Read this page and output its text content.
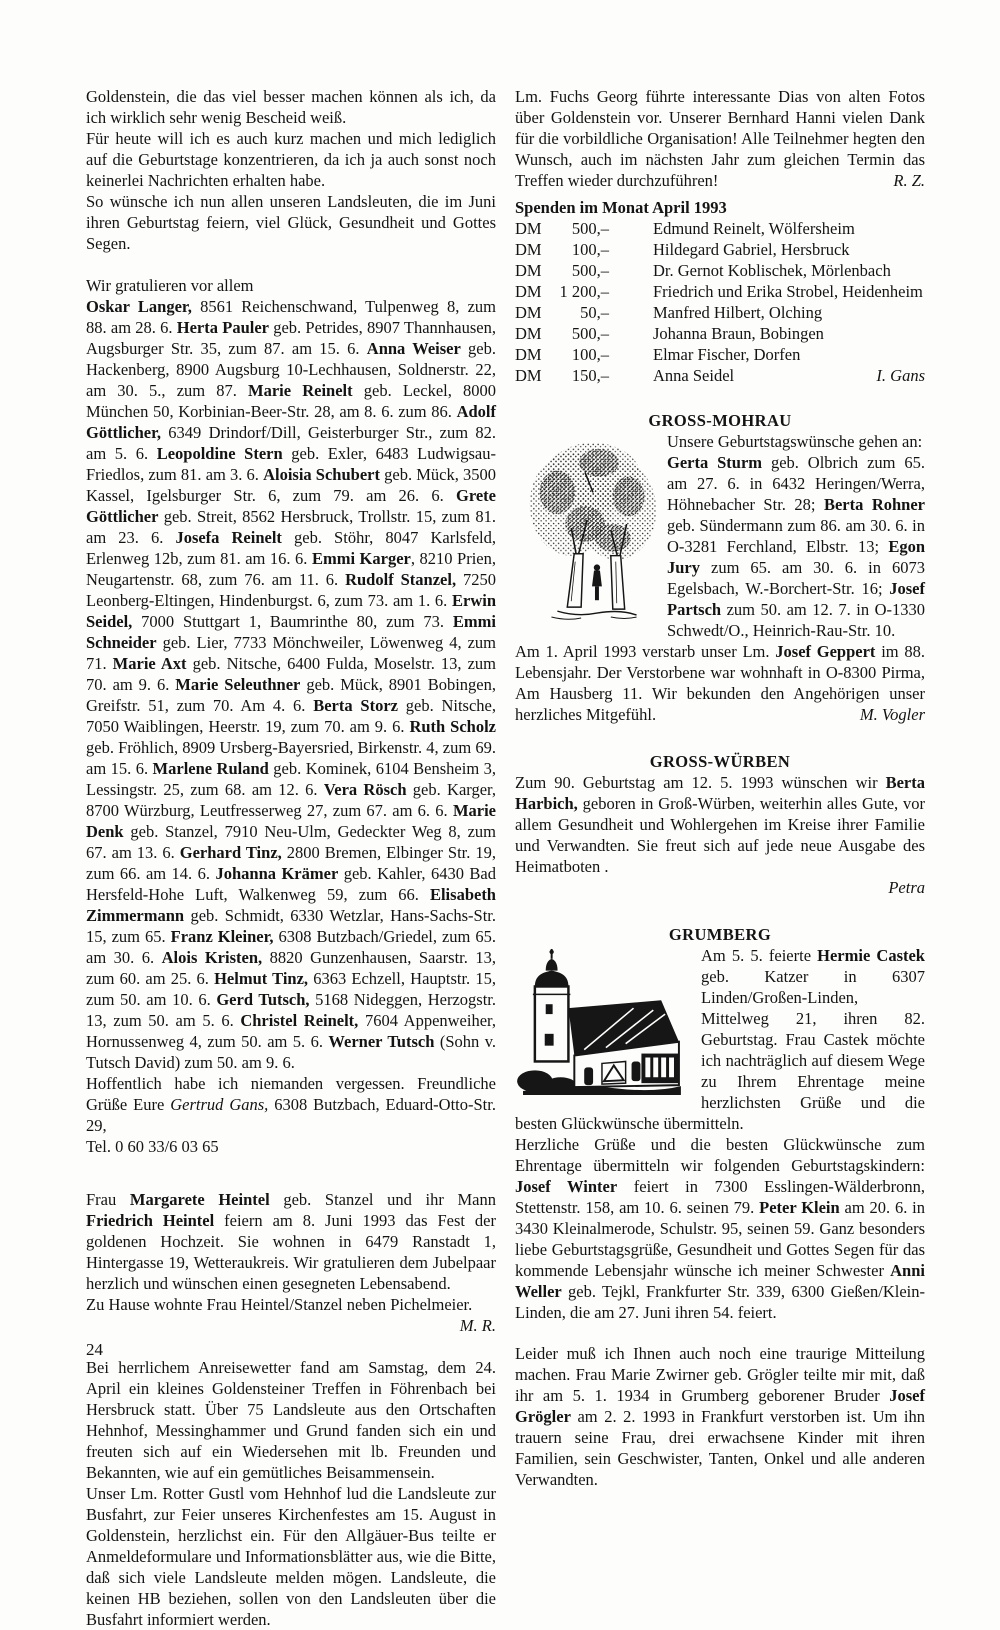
Goldenstein, die das viel besser machen können als ich, da ich wirklich sehr wenig Bescheid weiß.
Für heute will ich es auch kurz machen und mich lediglich auf die Geburtstage konzentrieren, da ich ja auch sonst noch keinerlei Nachrichten erhalten habe.
So wünsche ich nun allen unseren Landsleuten, die im Juni ihren Geburtstag feiern, viel Glück, Gesundheit und Gottes Segen.
Wir gratulieren vor allem
Oskar Langer, 8561 Reichenschwand, Tulpenweg 8, zum 88. am 28. 6. Herta Pauler geb. Petrides, 8907 Thannhausen, Augsburger Str. 35, zum 87. am 15. 6. Anna Weiser geb. Hackenberg, 8900 Augsburg 10-Lechhausen, Soldnerstr. 22, am 30. 5., zum 87. Marie Reinelt geb. Leckel, 8000 München 50, Korbinian-Beer-Str. 28, am 8. 6. zum 86. Adolf Göttlicher, 6349 Drindorf/Dill, Geisterburger Str., zum 82. am 5. 6. Leopoldine Stern geb. Exler, 6483 Ludwigsau-Friedlos, zum 81. am 3. 6. Aloisia Schubert geb. Mück, 3500 Kassel, Igelsburger Str. 6, zum 79. am 26. 6. Grete Göttlicher geb. Streit, 8562 Hersbruck, Trollstr. 15, zum 81. am 23. 6. Josefa Reinelt geb. Stöhr, 8047 Karlsfeld, Erlenweg 12b, zum 81. am 16. 6. Emmi Karger, 8210 Prien, Neugartenstr. 68, zum 76. am 11. 6. Rudolf Stanzel, 7250 Leonberg-Eltingen, Hindenburgst. 6, zum 73. am 1. 6. Erwin Seidel, 7000 Stuttgart 1, Baumrinthe 80, zum 73. Emmi Schneider geb. Lier, 7733 Mönchweiler, Löwenweg 4, zum 71. Marie Axt geb. Nitsche, 6400 Fulda, Moselstr. 13, zum 70. am 9. 6. Marie Seleuthner geb. Mück, 8901 Bobingen, Greifstr. 51, zum 70. Am 4. 6. Berta Storz geb. Nitsche, 7050 Waiblingen, Heerstr. 19, zum 70. am 9. 6. Ruth Scholz geb. Fröhlich, 8909 Ursberg-Bayersried, Birkenstr. 4, zum 69. am 15. 6. Marlene Ruland geb. Kominek, 6104 Bensheim 3, Lessingstr. 25, zum 68. am 12. 6. Vera Rösch geb. Karger, 8700 Würzburg, Leutfresserweg 27, zum 67. am 6. 6. Marie Denk geb. Stanzel, 7910 Neu-Ulm, Gedeckter Weg 8, zum 67. am 13. 6. Gerhard Tinz, 2800 Bremen, Elbinger Str. 19, zum 66. am 14. 6. Johanna Krämer geb. Kahler, 6430 Bad Hersfeld-Hohe Luft, Walkenweg 59, zum 66. Elisabeth Zimmermann geb. Schmidt, 6330 Wetzlar, Hans-Sachs-Str. 15, zum 65. Franz Kleiner, 6308 Butzbach/Griedel, zum 65. am 30. 6. Alois Kristen, 8820 Gunzenhausen, Saarstr. 13, zum 60. am 25. 6. Helmut Tinz, 6363 Echzell, Hauptstr. 15, zum 50. am 10. 6. Gerd Tutsch, 5168 Nideggen, Herzogstr. 13, zum 50. am 5. 6. Christel Reinelt, 7604 Appenweiher, Hornussenweg 4, zum 50. am 5. 6. Werner Tutsch (Sohn v. Tutsch David) zum 50. am 9. 6.
Hoffentlich habe ich niemanden vergessen. Freundliche Grüße Eure Gertrud Gans, 6308 Butzbach, Eduard-Otto-Str. 29,
Tel. 0 60 33/6 03 65
Frau Margarete Heintel geb. Stanzel und ihr Mann Friedrich Heintel feiern am 8. Juni 1993 das Fest der goldenen Hochzeit. Sie wohnen in 6479 Ranstadt 1, Hintergasse 19, Wetteraukreis. Wir gratulieren dem Jubelpaar herzlich und wünschen einen gesegneten Lebensabend.
Zu Hause wohnte Frau Heintel/Stanzel neben Pichelmeier.
M. R.
Bei herrlichem Anreisewetter fand am Samstag, dem 24. April ein kleines Goldensteiner Treffen in Föhrenbach bei Hersbruck statt. Über 75 Landsleute aus den Ortschaften Hehnhof, Messinghammer und Grund fanden sich ein und freuten sich auf ein Wiedersehen mit lb. Freunden und Bekannten, wie auf ein gemütliches Beisammensein.
Unser Lm. Rotter Gustl vom Hehnhof lud die Landsleute zur Busfahrt, zur Feier unseres Kirchenfestes am 15. August in Goldenstein, herzlichst ein. Für den Allgäuer-Bus teilte er Anmeldeformulare und Informationsblätter aus, wie die Bitte, daß sich viele Landsleute melden mögen. Landsleute, die keinen HB beziehen, sollen von den Landsleuten über die Busfahrt informiert werden.
Lm. Fuchs Georg führte interessante Dias von alten Fotos über Goldenstein vor. Unserer Bernhard Hanni vielen Dank für die vorbildliche Organisation! Alle Teilnehmer hegten den Wunsch, auch im nächsten Jahr zum gleichen Termin das Treffen wieder durchzuführen!	R. Z.
Spenden im Monat April 1993
DM	500,–	Edmund Reinelt, Wölfersheim
DM	100,–	Hildegard Gabriel, Hersbruck
DM	500,–	Dr. Gernot Koblischek, Mörlenbach
DM	1 200,–	Friedrich und Erika Strobel, Heidenheim
DM	50,–	Manfred Hilbert, Olching
DM	500,–	Johanna Braun, Bobingen
DM	100,–	Elmar Fischer, Dorfen
DM	150,–	Anna Seidel	I. Gans
GROSS-MOHRAU
Unsere Geburtstagswünsche gehen an:
Gerta Sturm geb. Olbrich zum 65. am 27. 6. in 6432 Heringen/Werra, Höhnebacher Str. 28; Berta Rohner geb. Sündermann zum 86. am 30. 6. in O-3281 Ferchland, Elbstr. 13; Egon Jury zum 65. am 30. 6. in 6073 Egelsbach, W.-Borchert-Str. 16; Josef Partsch zum 50. am 12. 7. in O-1330 Schwedt/O., Heinrich-Rau-Str. 10.
Am 1. April 1993 verstarb unser Lm. Josef Geppert im 88. Lebensjahr. Der Verstorbene war wohnhaft in O-8300 Pirma, Am Hausberg 11. Wir bekunden den Angehörigen unser herzliches Mitgefühl.	M. Vogler
GROSS-WÜRBEN
Zum 90. Geburtstag am 12. 5. 1993 wünschen wir Berta Harbich, geboren in Groß-Würben, weiterhin alles Gute, vor allem Gesundheit und Wohlergehen im Kreise ihrer Familie und Verwandten. Sie freut sich auf jede neue Ausgabe des Heimatboten .
Petra
GRUMBERG
Am 5. 5. feierte Hermie Castek geb. Katzer in 6307 Linden/Großen-Linden, Mittelweg 21, ihren 82. Geburtstag. Frau Castek möchte ich nachträglich auf diesem Wege zu Ihrem Ehrentage meine herzlichsten Grüße und die besten Glückwünsche übermitteln.
Herzliche Grüße und die besten Glückwünsche zum Ehrentage übermitteln wir folgenden Geburtstagskindern: Josef Winter feiert in 7300 Esslingen-Wälderbronn, Stettenstr. 158, am 10. 6. seinen 79. Peter Klein am 20. 6. in 3430 Kleinalmerode, Schulstr. 95, seinen 59. Ganz besonders liebe Geburtstagsgrüße, Gesundheit und Gottes Segen für das kommende Lebensjahr wünsche ich meiner Schwester Anni Weller geb. Tejkl, Frankfurter Str. 339, 6300 Gießen/Klein-Linden, die am 27. Juni ihren 54. feiert.
Leider muß ich Ihnen auch noch eine traurige Mitteilung machen. Frau Marie Zwirner geb. Grögler teilte mir mit, daß ihr am 5. 1. 1934 in Grumberg geborener Bruder Josef Grögler am 2. 2. 1993 in Frankfurt verstorben ist. Um ihn trauern seine Frau, drei erwachsene Kinder mit ihren Familien, sein Geschwister, Tanten, Onkel und alle anderen Verwandten.
24
